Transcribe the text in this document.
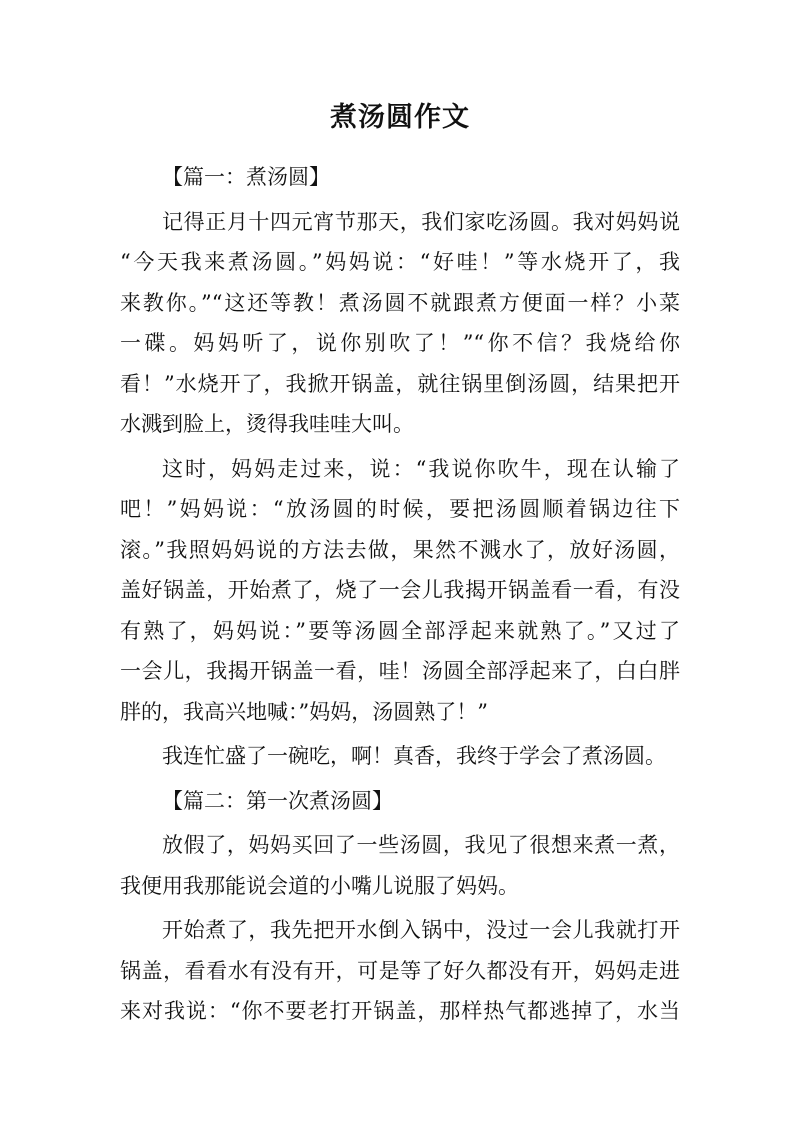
煮汤圆作文
【篇一：煮汤圆】
记得正月十四元宵节那天，我们家吃汤圆。我对妈妈说
“今天我来煮汤圆。”妈妈说：“好哇！”等水烧开了，我
来教你。”“这还等教！煮汤圆不就跟煮方便面一样？小菜
一碟。妈妈听了，说你别吹了！”“你不信？我烧给你
看！”水烧开了，我掀开锅盖，就往锅里倒汤圆，结果把开
水溅到脸上，烫得我哇哇大叫。
这时，妈妈走过来，说：“我说你吹牛，现在认输了
吧！”妈妈说：“放汤圆的时候，要把汤圆顺着锅边往下
滚。”我照妈妈说的方法去做，果然不溅水了，放好汤圆，
盖好锅盖，开始煮了，烧了一会儿我揭开锅盖看一看，有没
有熟了，妈妈说：”要等汤圆全部浮起来就熟了。”又过了
一会儿，我揭开锅盖一看，哇！汤圆全部浮起来了，白白胖
胖的，我高兴地喊：”妈妈，汤圆熟了！”
我连忙盛了一碗吃，啊！真香，我终于学会了煮汤圆。
【篇二：第一次煮汤圆】
放假了，妈妈买回了一些汤圆，我见了很想来煮一煮，
我便用我那能说会道的小嘴儿说服了妈妈。
开始煮了，我先把开水倒入锅中，没过一会儿我就打开
锅盖，看看水有没有开，可是等了好久都没有开，妈妈走进
来对我说：“你不要老打开锅盖，那样热气都逃掉了，水当
